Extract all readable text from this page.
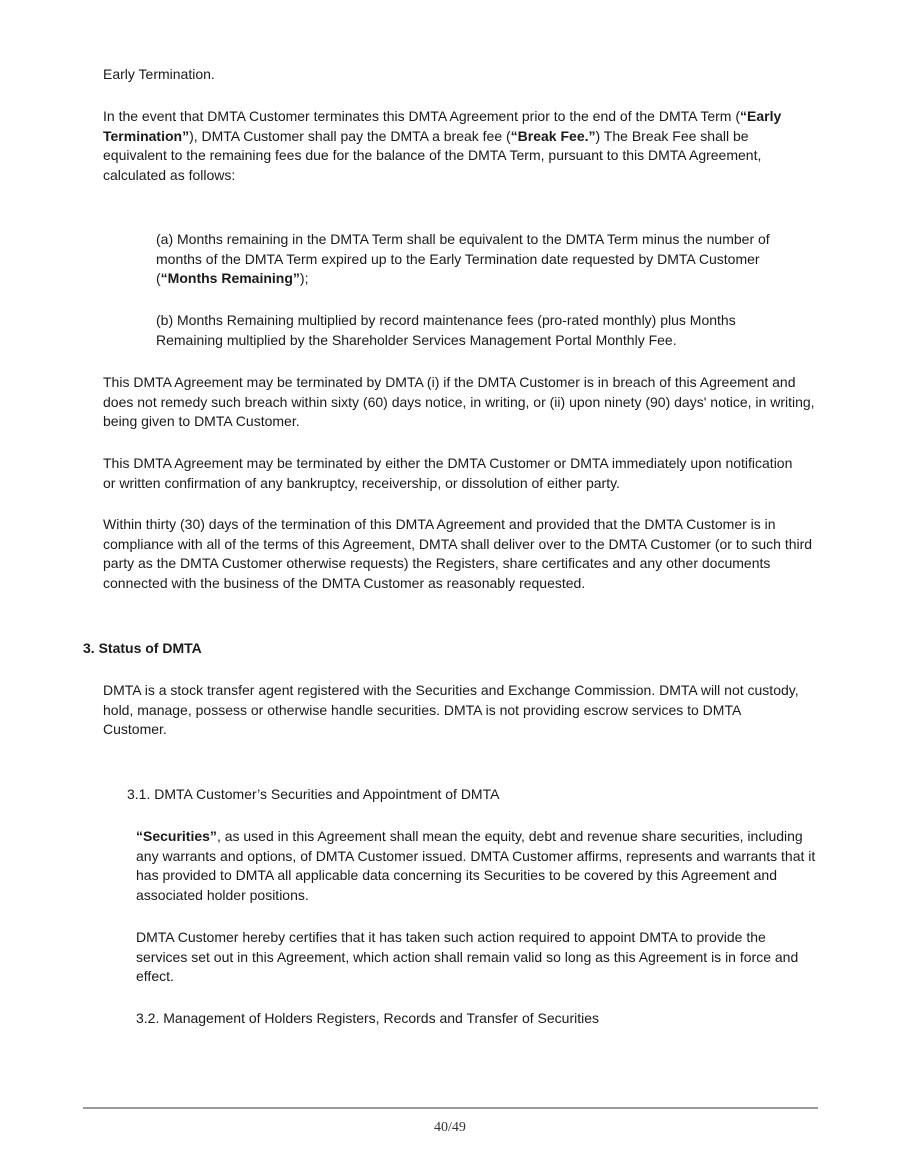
Early Termination.

In the event that DMTA Customer terminates this DMTA Agreement prior to the end of the DMTA Term (“Early Termination”), DMTA Customer shall pay the DMTA a break fee (“Break Fee.”) The Break Fee shall be equivalent to the remaining fees due for the balance of the DMTA Term, pursuant to this DMTA Agreement, calculated as follows:

(a) Months remaining in the DMTA Term shall be equivalent to the DMTA Term minus the number of months of the DMTA Term expired up to the Early Termination date requested by DMTA Customer (“Months Remaining”);

(b) Months Remaining multiplied by record maintenance fees (pro-rated monthly) plus Months Remaining multiplied by the Shareholder Services Management Portal Monthly Fee.

This DMTA Agreement may be terminated by DMTA (i) if the DMTA Customer is in breach of this Agreement and does not remedy such breach within sixty (60) days notice, in writing, or (ii) upon ninety (90) days' notice, in writing, being given to DMTA Customer.

This DMTA Agreement may be terminated by either the DMTA Customer or DMTA immediately upon notification or written confirmation of any bankruptcy, receivership, or dissolution of either party.

Within thirty (30) days of the termination of this DMTA Agreement and provided that the DMTA Customer is in compliance with all of the terms of this Agreement, DMTA shall deliver over to the DMTA Customer (or to such third party as the DMTA Customer otherwise requests) the Registers, share certificates and any other documents connected with the business of the DMTA Customer as reasonably requested.

3. Status of DMTA

DMTA is a stock transfer agent registered with the Securities and Exchange Commission. DMTA will not custody, hold, manage, possess or otherwise handle securities. DMTA is not providing escrow services to DMTA Customer.

3.1. DMTA Customer’s Securities and Appointment of DMTA

“Securities”, as used in this Agreement shall mean the equity, debt and revenue share securities, including any warrants and options, of DMTA Customer issued. DMTA Customer affirms, represents and warrants that it has provided to DMTA all applicable data concerning its Securities to be covered by this Agreement and associated holder positions.

DMTA Customer hereby certifies that it has taken such action required to appoint DMTA to provide the services set out in this Agreement, which action shall remain valid so long as this Agreement is in force and effect.

3.2. Management of Holders Registers, Records and Transfer of Securities

40/49
